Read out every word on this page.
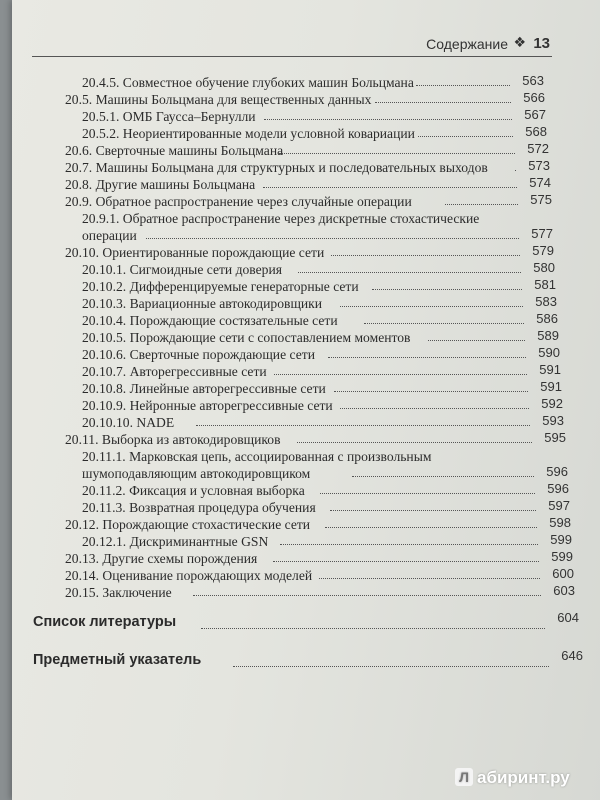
Содержание ❖ 13
20.4.5. Совместное обучение глубоких машин Больцмана	563
20.5. Машины Больцмана для вещественных данных	566
20.5.1. ОМБ Гаусса–Бернулли	567
20.5.2. Неориентированные модели условной ковариации	568
20.6. Сверточные машины Больцмана	572
20.7. Машины Больцмана для структурных и последовательных выходов	573
20.8. Другие машины Больцмана	574
20.9. Обратное распространение через случайные операции	575
20.9.1. Обратное распространение через дискретные стохастические
операции	577
20.10. Ориентированные порождающие сети	579
20.10.1. Сигмоидные сети доверия	580
20.10.2. Дифференцируемые генераторные сети	581
20.10.3. Вариационные автокодировщики	583
20.10.4. Порождающие состязательные сети	586
20.10.5. Порождающие сети с сопоставлением моментов	589
20.10.6. Сверточные порождающие сети	590
20.10.7. Авторегрессивные сети	591
20.10.8. Линейные авторегрессивные сети	591
20.10.9. Нейронные авторегрессивные сети	592
20.10.10. NADE	593
20.11. Выборка из автокодировщиков	595
20.11.1. Марковская цепь, ассоциированная с произвольным
шумоподавляющим автокодировщиком	596
20.11.2. Фиксация и условная выборка	596
20.11.3. Возвратная процедура обучения	597
20.12. Порождающие стохастические сети	598
20.12.1. Дискриминантные GSN	599
20.13. Другие схемы порождения	599
20.14. Оценивание порождающих моделей	600
20.15. Заключение	603
Список литературы	604
Предметный указатель	646
Л абиринт.ру
